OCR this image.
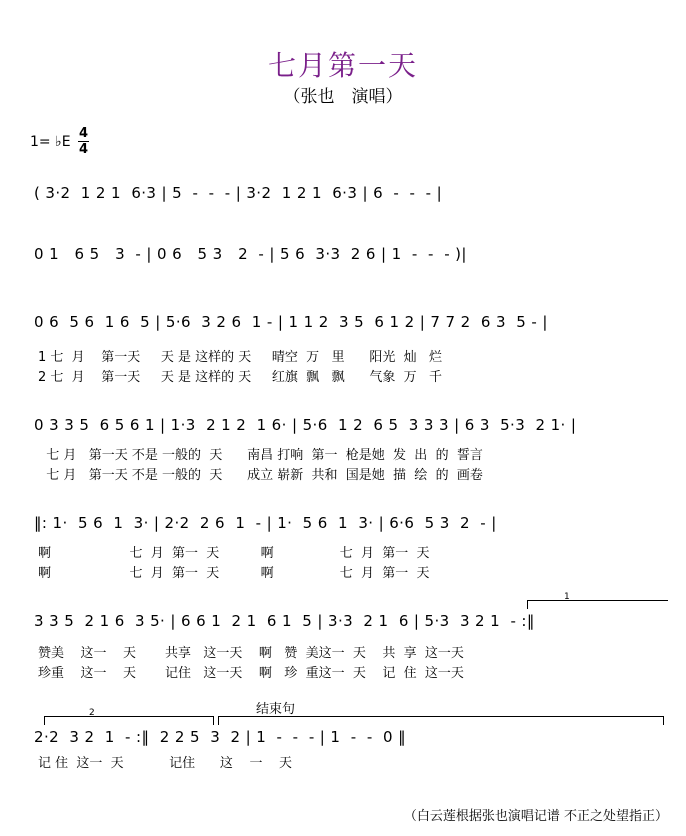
七月第一天
（张也　演唱）
1= ♭E
4
4
( 3·2  1 2 1  6·3 | 5  -  -  - | 3·2  1 2 1  6·3 | 6  -  -  - |
0 1   6 5   3  - | 0 6   5 3   2  - | 5 6  3·3  2 6 | 1  -  -  - )|
0 6  5 6  1 6  5 | 5·6  3 2 6  1 - | 1 1 2  3 5  6 1 2 | 7 7 2  6 3  5 - |
1 七  月    第一天     天 是 这样的 天     晴空  万   里      阳光  灿   烂
2 七  月    第一天     天 是 这样的 天     红旗  飘   飘      气象  万   千
0 3 3 5  6 5 6 1 | 1·3  2 1 2  1 6· | 5·6  1 2  6 5  3 3 3 | 6 3  5·3  2 1· |
七 月   第一天 不是 一般的  天      南昌 打响  第一  枪是她  发  出  的  誓言
七 月   第一天 不是 一般的  天      成立 崭新  共和  国是她  描  绘  的  画卷
‖: 1·  5 6  1  3· | 2·2  2 6  1  - | 1·  5 6  1  3· | 6·6  5 3  2  - |
啊                   七  月  第一  天          啊                七  月  第一  天
啊                   七  月  第一  天          啊                七  月  第一  天
1
3 3 5  2 1 6  3 5· | 6 6 1  2 1  6 1  5 | 3·3  2 1  6 | 5·3  3 2 1  - :‖
赞美    这一    天       共享   这一天    啊   赞  美这一  天    共  享  这一天
珍重    这一    天       记住   这一天    啊   珍  重这一  天    记  住  这一天
结束句
2
2·2  3 2  1  - :‖  2 2 5  3  2 | 1  -  -  - | 1  -  -  0 ‖
记 住  这一  天           记住      这    一    天
（白云莲根据张也演唱记谱 不正之处望指正）
